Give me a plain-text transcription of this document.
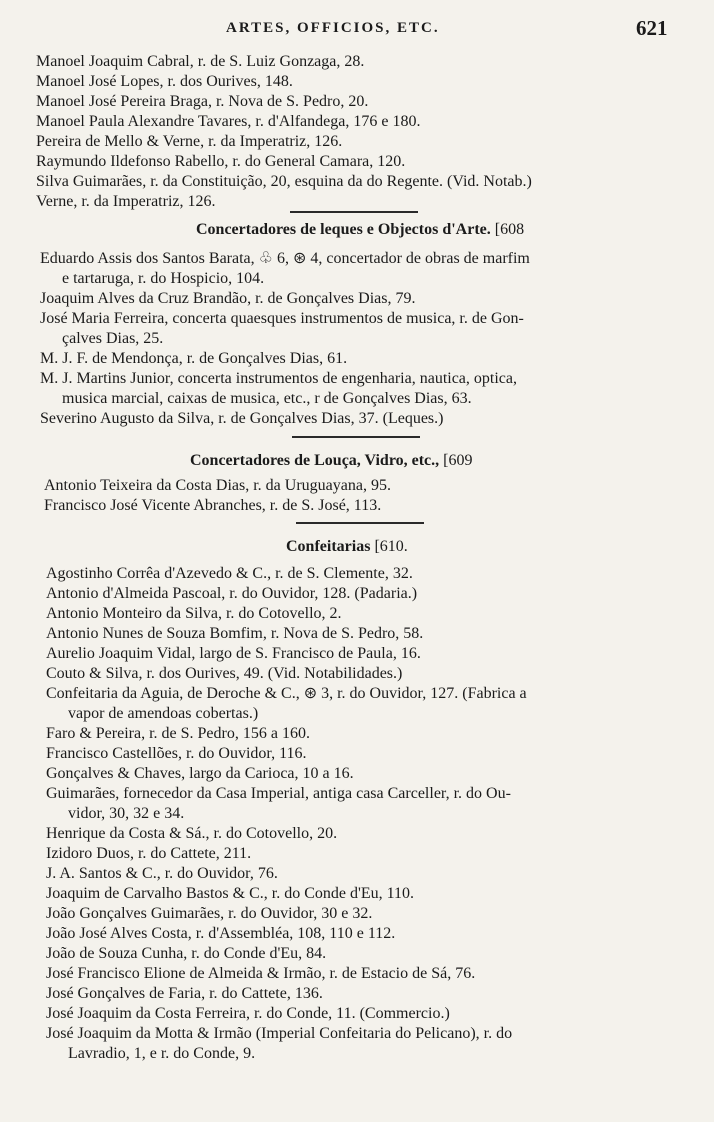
ARTES, OFFICIOS, ETC.	621
Manoel Joaquim Cabral, r. de S. Luiz Gonzaga, 28.
Manoel José Lopes, r. dos Ourives, 148.
Manoel José Pereira Braga, r. Nova de S. Pedro, 20.
Manoel Paula Alexandre Tavares, r. d'Alfandega, 176 e 180.
Pereira de Mello & Verne, r. da Imperatriz, 126.
Raymundo Ildefonso Rabello, r. do General Camara, 120.
Silva Guimarães, r. da Constituição, 20, esquina da do Regente. (Vid. Notab.)
Verne, r. da Imperatriz, 126.
Concertadores de leques e Objectos d'Arte. [608
Eduardo Assis dos Santos Barata, ♧ 6, ⊛ 4, concertador de obras de marfim
e tartaruga, r. do Hospicio, 104.
Joaquim Alves da Cruz Brandão, r. de Gonçalves Dias, 79.
José Maria Ferreira, concerta quaesques instrumentos de musica, r. de Gon-
çalves Dias, 25.
M. J. F. de Mendonça, r. de Gonçalves Dias, 61.
M. J. Martins Junior, concerta instrumentos de engenharia, nautica, optica,
musica marcial, caixas de musica, etc., r de Gonçalves Dias, 63.
Severino Augusto da Silva, r. de Gonçalves Dias, 37. (Leques.)
Concertadores de Louça, Vidro, etc., [609
Antonio Teixeira da Costa Dias, r. da Uruguayana, 95.
Francisco José Vicente Abranches, r. de S. José, 113.
Confeitarias [610.
Agostinho Corrêa d'Azevedo & C., r. de S. Clemente, 32.
Antonio d'Almeida Pascoal, r. do Ouvidor, 128. (Padaria.)
Antonio Monteiro da Silva, r. do Cotovello, 2.
Antonio Nunes de Souza Bomfim, r. Nova de S. Pedro, 58.
Aurelio Joaquim Vidal, largo de S. Francisco de Paula, 16.
Couto & Silva, r. dos Ourives, 49. (Vid. Notabilidades.)
Confeitaria da Aguia, de Deroche & C., ⊛ 3, r. do Ouvidor, 127. (Fabrica a
vapor de amendoas cobertas.)
Faro & Pereira, r. de S. Pedro, 156 a 160.
Francisco Castellões, r. do Ouvidor, 116.
Gonçalves & Chaves, largo da Carioca, 10 a 16.
Guimarães, fornecedor da Casa Imperial, antiga casa Carceller, r. do Ou-
vidor, 30, 32 e 34.
Henrique da Costa & Sá., r. do Cotovello, 20.
Izidoro Duos, r. do Cattete, 211.
J. A. Santos & C., r. do Ouvidor, 76.
Joaquim de Carvalho Bastos & C., r. do Conde d'Eu, 110.
João Gonçalves Guimarães, r. do Ouvidor, 30 e 32.
João José Alves Costa, r. d'Assembléa, 108, 110 e 112.
João de Souza Cunha, r. do Conde d'Eu, 84.
José Francisco Elione de Almeida & Irmão, r. de Estacio de Sá, 76.
José Gonçalves de Faria, r. do Cattete, 136.
José Joaquim da Costa Ferreira, r. do Conde, 11. (Commercio.)
José Joaquim da Motta & Irmão (Imperial Confeitaria do Pelicano), r. do
Lavradio, 1, e r. do Conde, 9.
